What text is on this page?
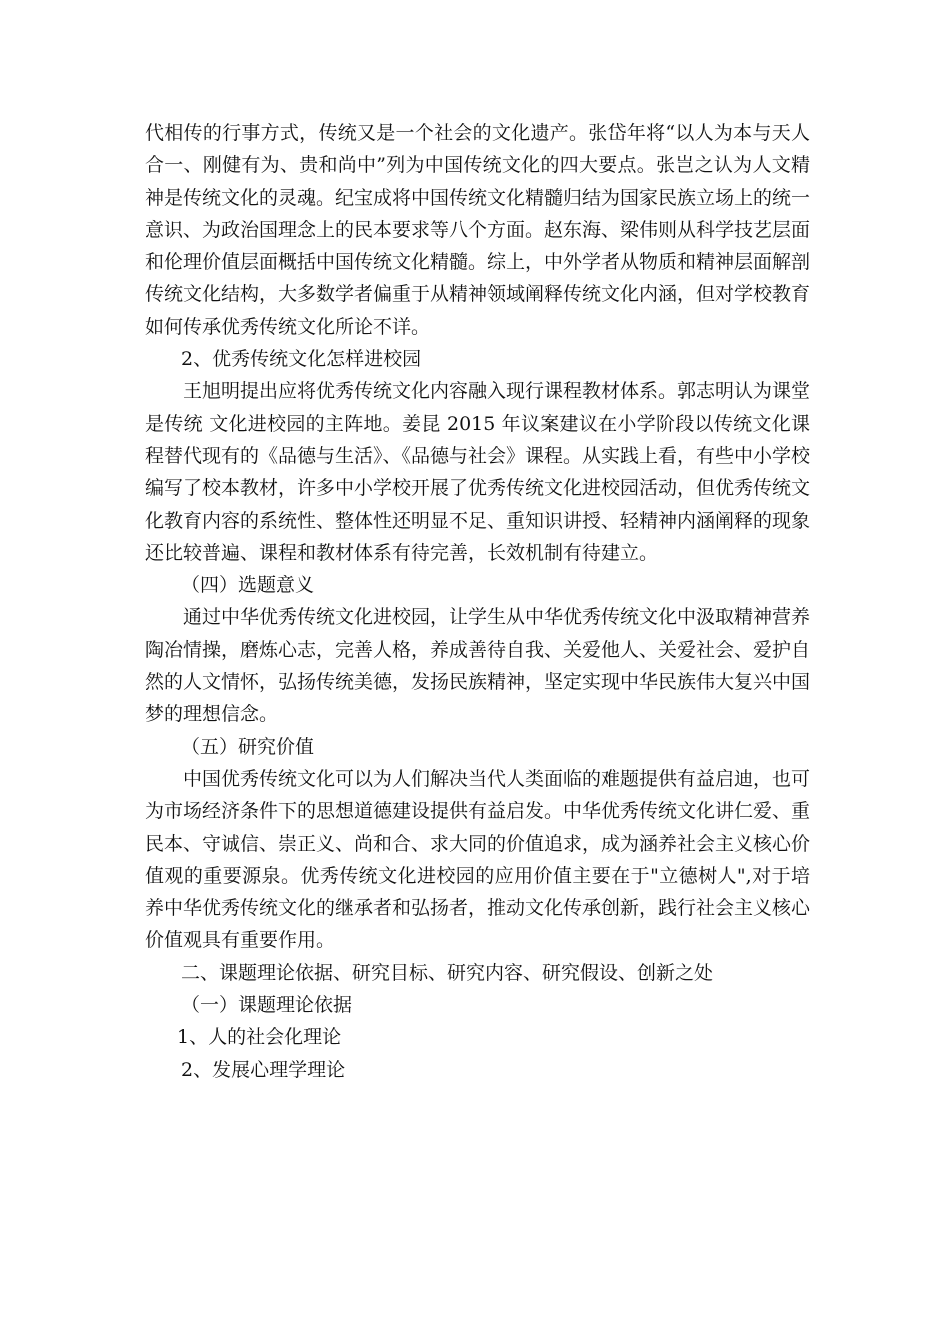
代相传的行事方式，传统又是一个社会的文化遗产。张岱年将“以人为本与天人合一、刚健有为、贵和尚中”列为中国传统文化的四大要点。张岂之认为人文精神是传统文化的灵魂。纪宝成将中国传统文化精髓归结为国家民族立场上的统一意识、为政治国理念上的民本要求等八个方面。赵东海、梁伟则从科学技艺层面和伦理价值层面概括中国传统文化精髓。综上，中外学者从物质和精神层面解剖传统文化结构，大多数学者偏重于从精神领域阐释传统文化内涵，但对学校教育如何传承优秀传统文化所论不详。

2、优秀传统文化怎样进校园

王旭明提出应将优秀传统文化内容融入现行课程教材体系。郭志明认为课堂是传统 文化进校园的主阵地。姜昆 2015 年议案建议在小学阶段以传统文化课程替代现有的《品德与生活》、《品德与社会》课程。从实践上看，有些中小学校编写了校本教材，许多中小学校开展了优秀传统文化进校园活动，但优秀传统文化教育内容的系统性、整体性还明显不足、重知识讲授、轻精神内涵阐释的现象还比较普遍、课程和教材体系有待完善，长效机制有待建立。

（四）选题意义

通过中华优秀传统文化进校园，让学生从中华优秀传统文化中汲取精神营养陶冶情操，磨炼心志，完善人格，养成善待自我、关爱他人、关爱社会、爱护自然的人文情怀，弘扬传统美德，发扬民族精神，坚定实现中华民族伟大复兴中国梦的理想信念。

（五）研究价值

中国优秀传统文化可以为人们解决当代人类面临的难题提供有益启迪，也可为市场经济条件下的思想道德建设提供有益启发。中华优秀传统文化讲仁爱、重民本、守诚信、崇正义、尚和合、求大同的价值追求，成为涵养社会主义核心价值观的重要源泉。优秀传统文化进校园的应用价值主要在于"立德树人",对于培养中华优秀传统文化的继承者和弘扬者，推动文化传承创新，践行社会主义核心价值观具有重要作用。

二、课题理论依据、研究目标、研究内容、研究假设、创新之处

（一）课题理论依据

1、人的社会化理论

2、发展心理学理论
